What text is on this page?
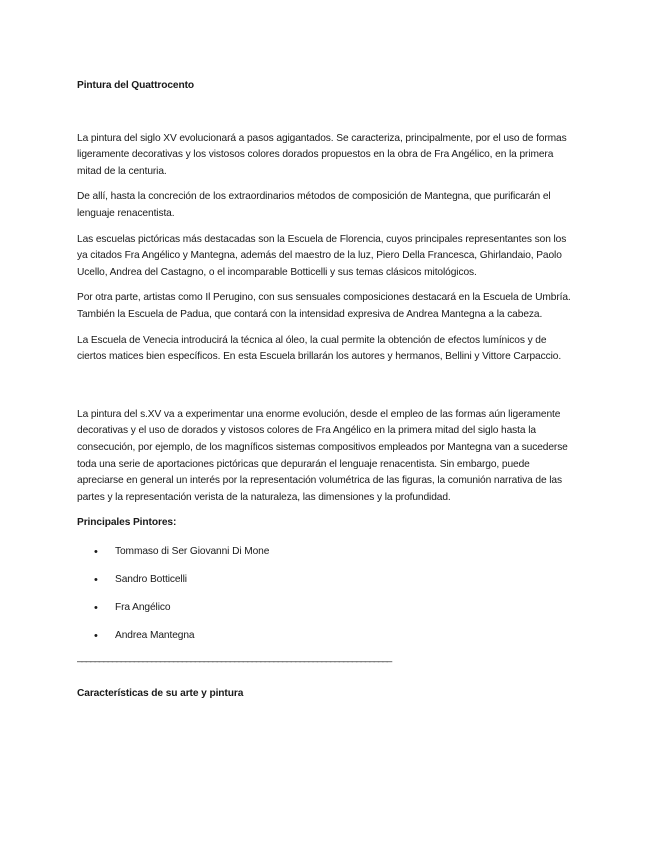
Pintura del Quattrocento

La pintura del siglo XV evolucionará a pasos agigantados. Se caracteriza, principalmente, por el uso de formas ligeramente decorativas y los vistosos colores dorados propuestos en la obra de Fra Angélico, en la primera mitad de la centuria.

De allí, hasta la concreción de los extraordinarios métodos de composición de Mantegna, que purificarán el lenguaje renacentista.

Las escuelas pictóricas más destacadas son la Escuela de Florencia, cuyos principales representantes son los ya citados Fra Angélico y Mantegna, además del maestro de la luz, Piero Della Francesca, Ghirlandaio, Paolo Ucello, Andrea del Castagno, o el incomparable Botticelli y sus temas clásicos mitológicos.

Por otra parte, artistas como Il Perugino, con sus sensuales composiciones destacará en la Escuela de Umbría. También la Escuela de Padua, que contará con la intensidad expresiva de Andrea Mantegna a la cabeza.

La Escuela de Venecia introducirá la técnica al óleo, la cual permite la obtención de efectos lumínicos y de ciertos matices bien específicos. En esta Escuela brillarán los autores y hermanos, Bellini y Vittore Carpaccio.

La pintura del s.XV va a experimentar una enorme evolución, desde el empleo de las formas aún ligeramente decorativas y el uso de dorados y vistosos colores de Fra Angélico en la primera mitad del siglo hasta la consecución, por ejemplo, de los magníficos sistemas compositivos empleados por Mantegna van a sucederse toda una serie de aportaciones pictóricas que depurarán el lenguaje renacentista. Sin embargo, puede apreciarse en general un interés por la representación volumétrica de las figuras, la comunión narrativa de las partes y la representación verista de la naturaleza, las dimensiones y la profundidad.

Principales Pintores:
• Tommaso di Ser Giovanni Di Mone
• Sandro Botticelli
• Fra Angélico
• Andrea Mantegna
________________________________________________________________________
Características de su arte y pintura
